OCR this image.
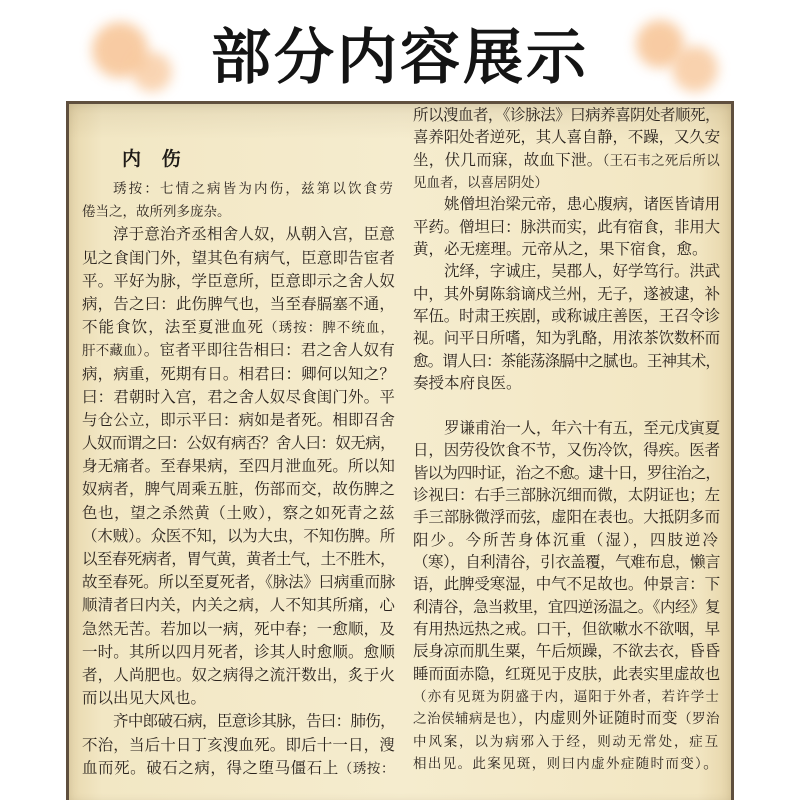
部分内容展示
内 伤
琇按：七情之病皆为内伤，兹第以饮食劳
倦当之，故所列多庞杂。
淳于意治齐丞相舍人奴，从朝入宫，臣意
见之食闺门外，望其色有病气，臣意即告宦者
平。平好为脉，学臣意所，臣意即示之舍人奴
病，告之曰：此伤脾气也，当至春膈塞不通，
不能食饮，法至夏泄血死（琇按：脾不统血，
肝不藏血）。宦者平即往告相曰：君之舍人奴有
病，病重，死期有日。相君曰：卿何以知之？
曰：君朝时入宫，君之舍人奴尽食闺门外。平
与仓公立，即示平曰：病如是者死。相即召舍
人奴而谓之曰：公奴有病否？舍人曰：奴无病，
身无痛者。至春果病，至四月泄血死。所以知
奴病者，脾气周乘五脏，伤部而交，故伤脾之
色也，望之杀然黄（土败），察之如死青之兹
（木贼）。众医不知，以为大虫，不知伤脾。所
以至春死病者，胃气黄，黄者土气，土不胜木，
故至春死。所以至夏死者，《脉法》曰病重而脉
顺清者曰内关，内关之病，人不知其所痛，心
急然无苦。若加以一病，死中春；一愈顺，及
一时。其所以四月死者，诊其人时愈顺。愈顺
者，人尚肥也。奴之病得之流汗数出，炙于火
而以出见大风也。
齐中郎破石病，臣意诊其脉，告曰：肺伤，
不治，当后十日丁亥溲血死。即后十一日，溲
血而死。破石之病，得之堕马僵石上（琇按：
所以溲血者，《诊脉法》曰病养喜阴处者顺死，
喜养阳处者逆死，其人喜自静，不躁，又久安
坐，伏几而寐，故血下泄。（王石韦之死后所以
见血者，以喜居阴处）
姚僧坦治梁元帝，患心腹病，诸医皆请用
平药。僧坦曰：脉洪而实，此有宿食，非用大
黄，必无瘥理。元帝从之，果下宿食，愈。
沈绎，字诚庄，吴郡人，好学笃行。洪武
中，其外舅陈翁谪戍兰州，无子，遂被逮，补
军伍。时肃王疾剧，或称诚庄善医，王召令诊
视。问平日所嗜，知为乳酪，用浓茶饮数杯而
愈。谓人曰：茶能荡涤膈中之腻也。王神其术，
奏授本府良医。
罗谦甫治一人，年六十有五，至元戊寅夏
日，因劳役饮食不节，又伤冷饮，得疾。医者
皆以为四时证，治之不愈。逮十日，罗往治之，
诊视曰：右手三部脉沉细而微，太阴证也；左
手三部脉微浮而弦，虚阳在表也。大抵阴多而
阳少。今所苦身体沉重（湿），四肢逆冷
（寒），自利清谷，引衣盖覆，气难布息，懒言
语，此脾受寒湿，中气不足故也。仲景言：下
利清谷，急当救里，宜四逆汤温之。《内经》复
有用热远热之戒。口干，但欲嗽水不欲咽，早
辰身凉而肌生粟，午后烦躁，不欲去衣，昏昏
睡而面赤隐，红斑见于皮肤，此表实里虚故也
（亦有见斑为阴盛于内，逼阳于外者，若许学士
之治侯辅病是也），内虚则外证随时而变（罗治
中风案，以为病邪入于经，则动无常处，症互
相出见。此案见斑，则曰内虚外症随时而变）。
